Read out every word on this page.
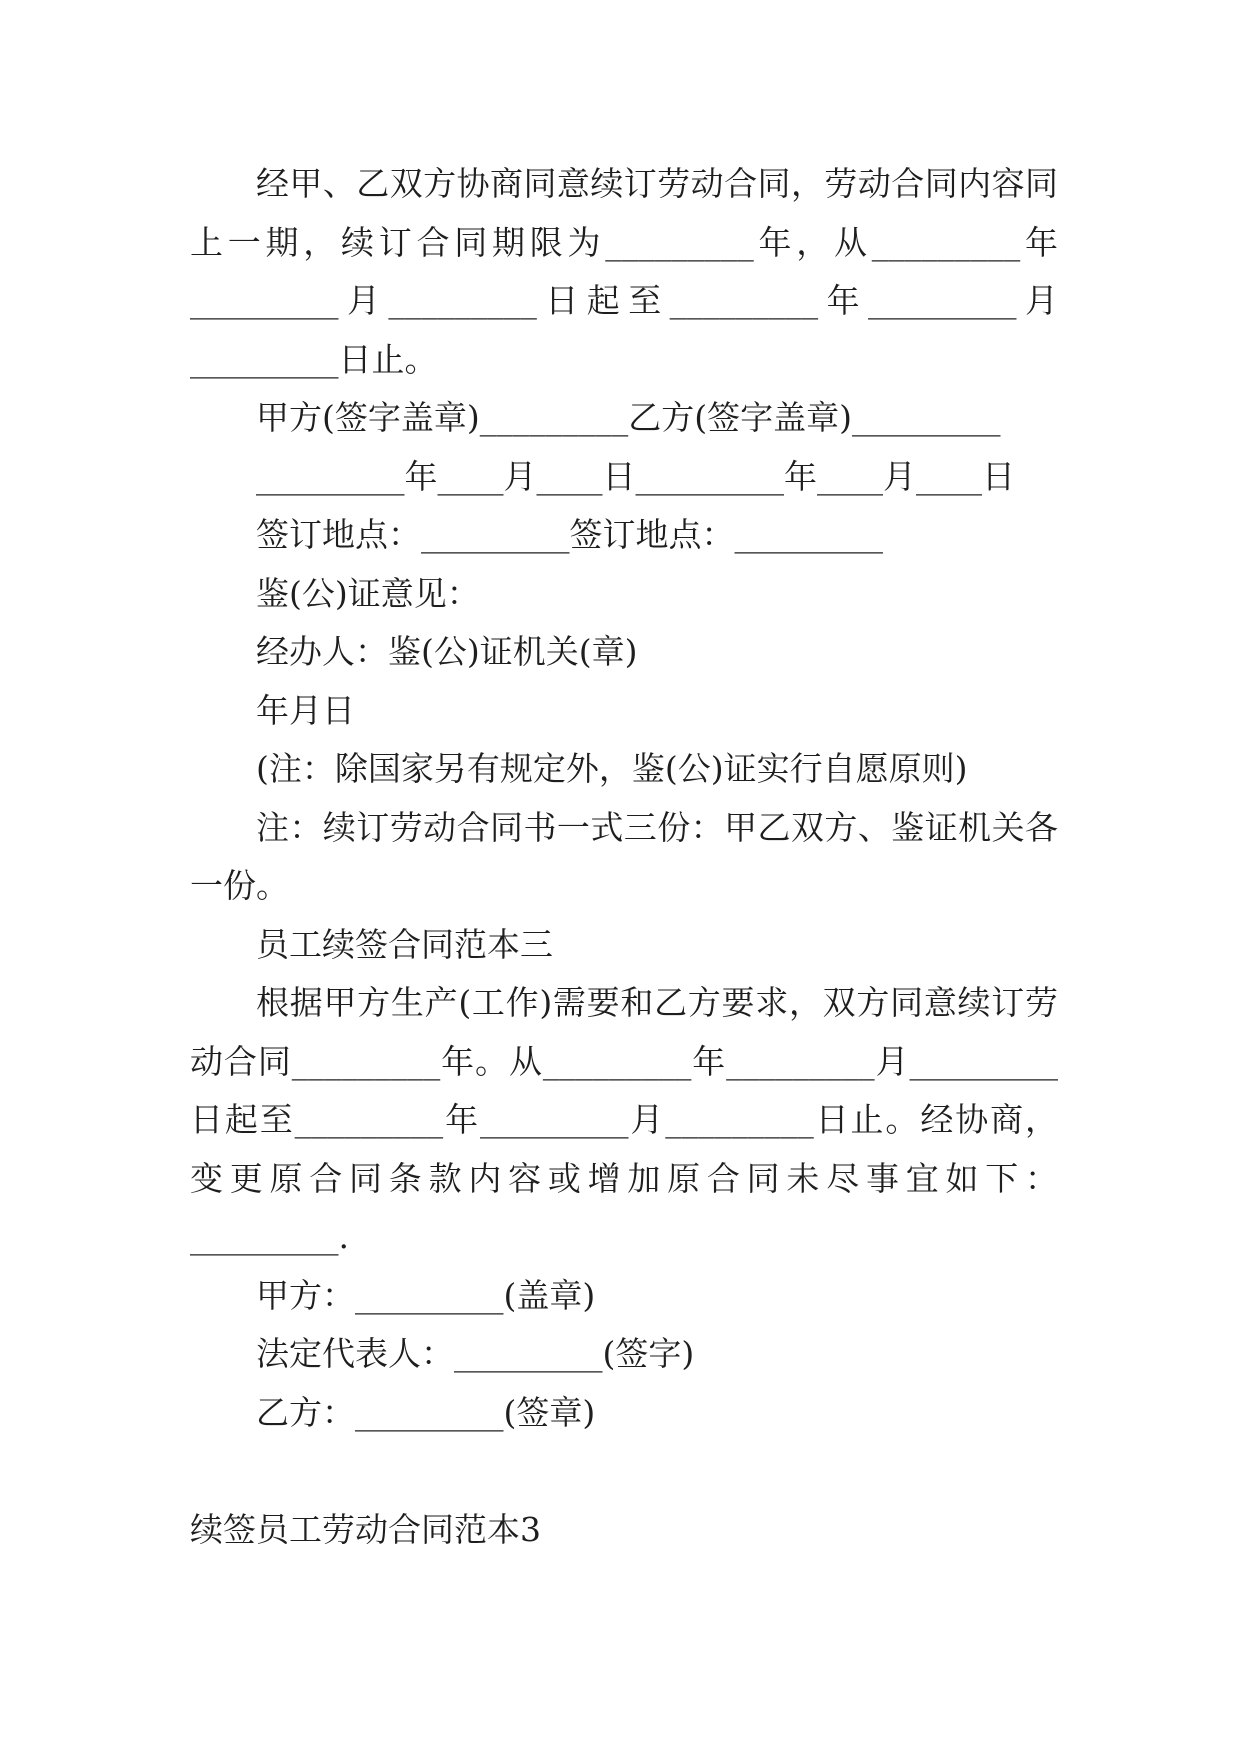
经甲、乙双方协商同意续订劳动合同，劳动合同内容同
上一期，续订合同期限为_________年，从_________年
_________月_________日起至_________年_________月
_________日止。
甲方(签字盖章)_________乙方(签字盖章)_________
_________年____月____日_________年____月____日
签订地点：_________签订地点：_________
鉴(公)证意见：
经办人：鉴(公)证机关(章)
年月日
(注：除国家另有规定外，鉴(公)证实行自愿原则)
注：续订劳动合同书一式三份：甲乙双方、鉴证机关各
一份。
员工续签合同范本三
根据甲方生产(工作)需要和乙方要求，双方同意续订劳
动合同_________年。从_________年_________月_________
日起至_________年_________月_________日止。经协商，
变更原合同条款内容或增加原合同未尽事宜如下：
_________.
甲方：_________(盖章)
法定代表人：_________(签字)
乙方：_________(签章)
续签员工劳动合同范本3
